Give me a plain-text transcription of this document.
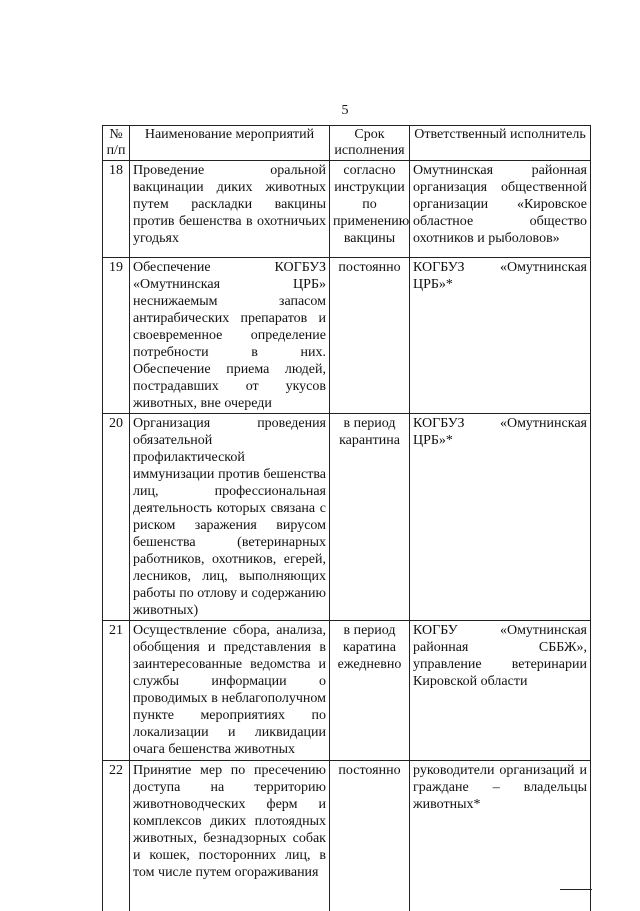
5
№ п/п	Наименование мероприятий	Срок исполнения	Ответственный исполнитель
18	Проведение оральной вакцинации диких животных путем раскладки вакцины против бешенства в охотничьих угодьях	согласно инструкции по применению вакцины	Омутнинская районная организация общественной организации «Кировское областное общество охотников и рыболовов»
19	Обеспечение КОГБУЗ «Омутнинская ЦРБ» неснижаемым запасом антирабических препаратов и своевременное определение потребности в них. Обеспечение приема людей, пострадавших от укусов животных, вне очереди	постоянно	КОГБУЗ «Омутнинская ЦРБ»*
20	Организация проведения обязательной профилактической иммунизации против бешенства лиц, профессиональная деятельность которых связана с риском заражения вирусом бешенства (ветеринарных работников, охотников, егерей, лесников, лиц, выполняющих работы по отлову и содержанию животных)	в период карантина	КОГБУЗ «Омутнинская ЦРБ»*
21	Осуществление сбора, анализа, обобщения и представления в заинтересованные ведомства и службы информации о проводимых в неблагополучном пункте мероприятиях по локализации и ликвидации очага бешенства животных	в период каратина ежедневно	КОГБУ «Омутнинская районная СББЖ», управление ветеринарии Кировской области
22	Принятие мер по пресечению доступа на территорию животноводческих ферм и комплексов диких плотоядных животных, безнадзорных собак и кошек, посторонних лиц, в том числе путем огораживания	постоянно	руководители организаций и граждане – владельцы животных*
